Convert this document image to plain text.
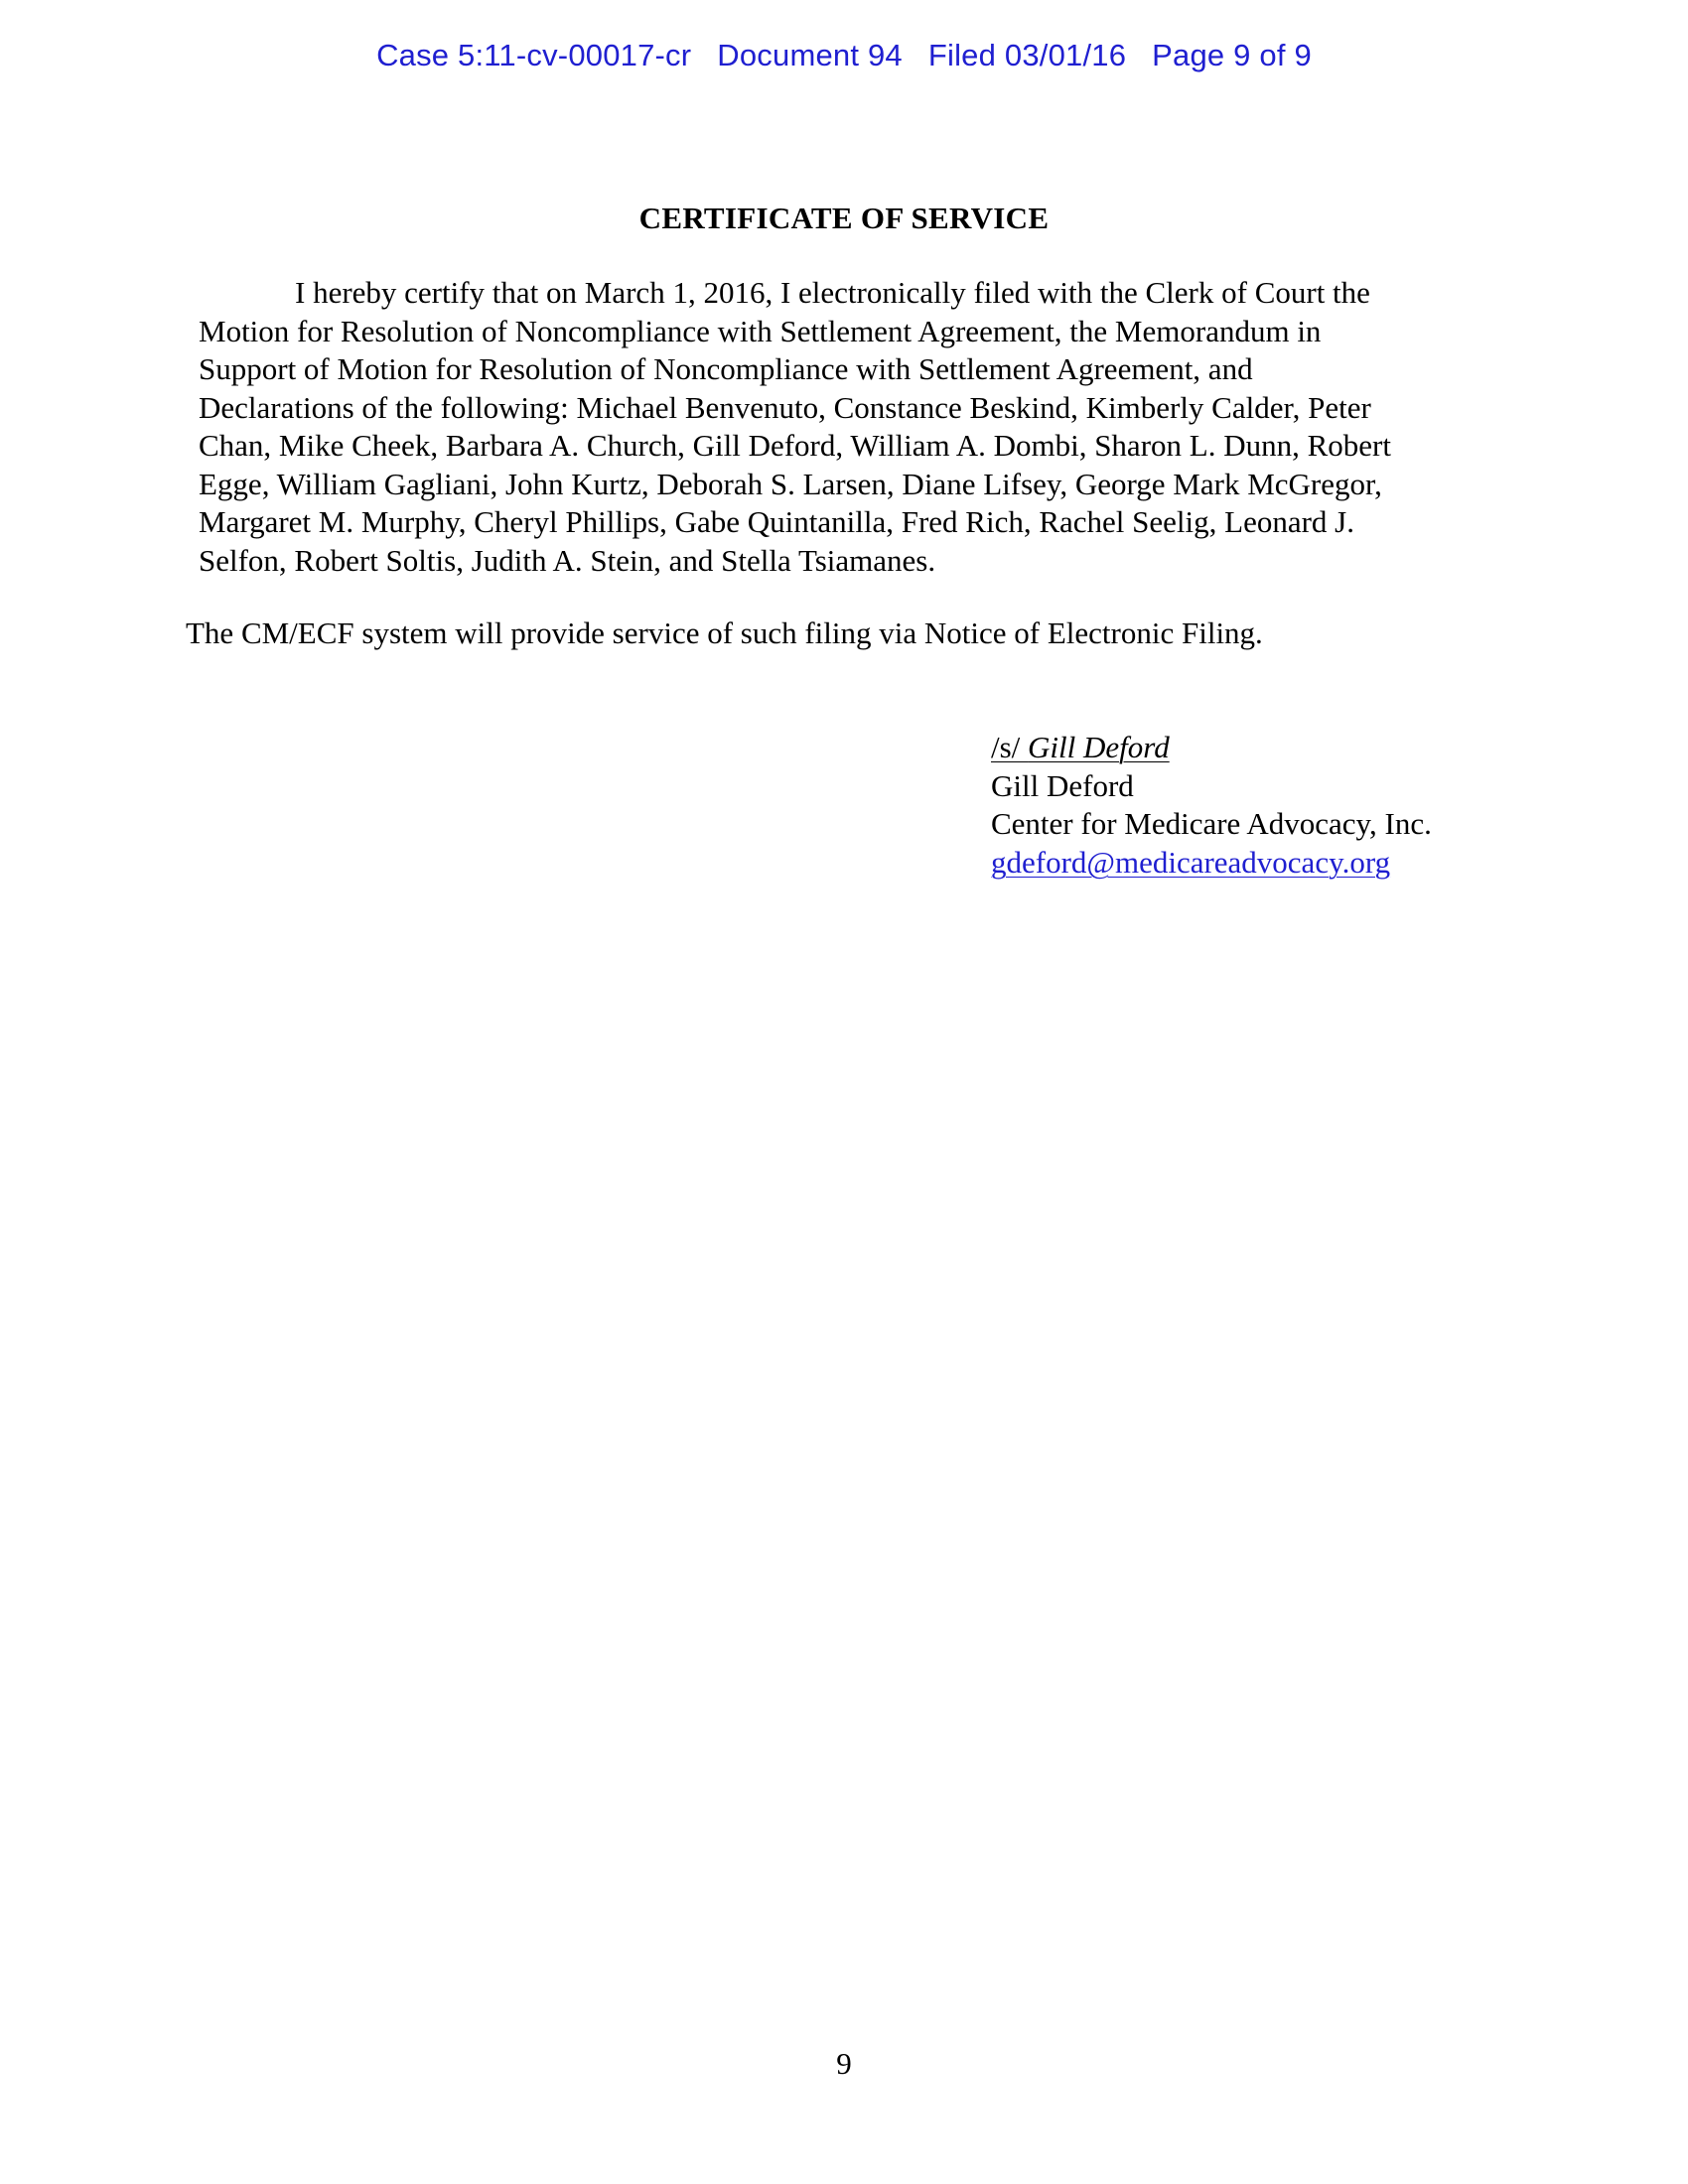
Case 5:11-cv-00017-cr Document 94 Filed 03/01/16 Page 9 of 9
CERTIFICATE OF SERVICE
I hereby certify that on March 1, 2016, I electronically filed with the Clerk of Court the
Motion for Resolution of Noncompliance with Settlement Agreement, the Memorandum in
Support of Motion for Resolution of Noncompliance with Settlement Agreement, and
Declarations of the following: Michael Benvenuto, Constance Beskind, Kimberly Calder, Peter
Chan, Mike Cheek, Barbara A. Church, Gill Deford, William A. Dombi, Sharon L. Dunn, Robert
Egge, William Gagliani, John Kurtz, Deborah S. Larsen, Diane Lifsey, George Mark McGregor,
Margaret M. Murphy, Cheryl Phillips, Gabe Quintanilla, Fred Rich, Rachel Seelig, Leonard J.
Selfon, Robert Soltis, Judith A. Stein, and Stella Tsiamanes.
The CM/ECF system will provide service of such filing via Notice of Electronic Filing.
/s/ Gill Deford
Gill Deford
Center for Medicare Advocacy, Inc.
gdeford@medicareadvocacy.org
9
